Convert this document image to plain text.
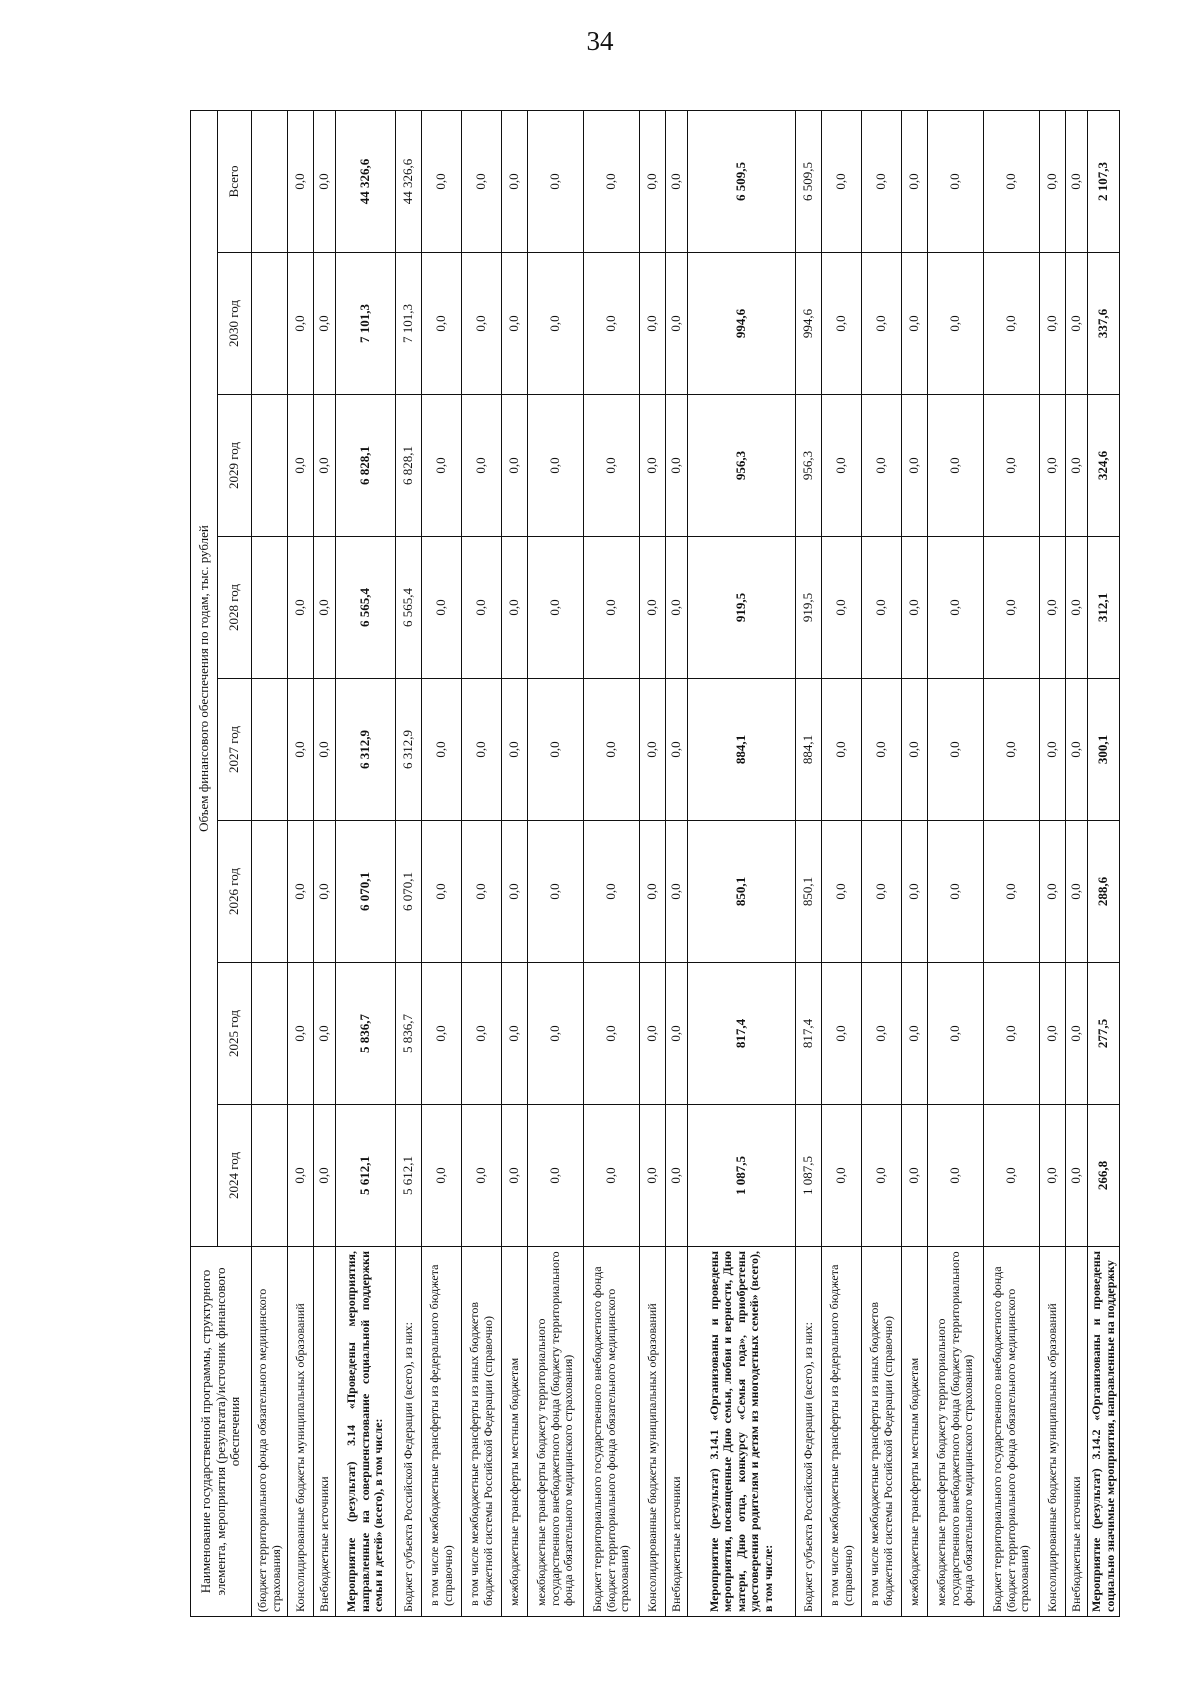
34
Наименование государственной программы, структурного элемента, мероприятия (результата)/источник финансового обеспечения	Объем финансового обеспечения по годам, тыс. рублей							
	2024 год	2025 год	2026 год	2027 год	2028 год	2029 год	2030 год	Всего
(бюджет территориального фонда обязательного медицинского страхования)								
Консолидированные бюджеты муниципальных образований	0,0	0,0	0,0	0,0	0,0	0,0	0,0	0,0
Внебюджетные источники	0,0	0,0	0,0	0,0	0,0	0,0	0,0	0,0
Мероприятие (результат) 3.14 «Проведены мероприятия, направленные на совершенствование социальной поддержки семьи и детей» (всего), в том числе:	5 612,1	5 836,7	6 070,1	6 312,9	6 565,4	6 828,1	7 101,3	44 326,6
Бюджет субъекта Российской Федерации (всего), из них:	5 612,1	5 836,7	6 070,1	6 312,9	6 565,4	6 828,1	7 101,3	44 326,6
в том числе межбюджетные трансферты из федерального бюджета (справочно)	0,0	0,0	0,0	0,0	0,0	0,0	0,0	0,0
в том числе межбюджетные трансферты из иных бюджетов бюджетной системы Российской Федерации (справочно)	0,0	0,0	0,0	0,0	0,0	0,0	0,0	0,0
межбюджетные трансферты местным бюджетам	0,0	0,0	0,0	0,0	0,0	0,0	0,0	0,0
межбюджетные трансферты бюджету территориального государственного внебюджетного фонда (бюджету территориального фонда обязательного медицинского страхования)	0,0	0,0	0,0	0,0	0,0	0,0	0,0	0,0
Бюджет территориального государственного внебюджетного фонда (бюджет территориального фонда обязательного медицинского страхования)	0,0	0,0	0,0	0,0	0,0	0,0	0,0	0,0
Консолидированные бюджеты муниципальных образований	0,0	0,0	0,0	0,0	0,0	0,0	0,0	0,0
Внебюджетные источники	0,0	0,0	0,0	0,0	0,0	0,0	0,0	0,0
Мероприятие (результат) 3.14.1 «Организованы и проведены мероприятия, посвященные Дню семьи, любви и верности, Дню матери, Дню отца, конкурсу «Семья года», приобретены удостоверения родителям и детям из многодетных семей» (всего), в том числе:	1 087,5	817,4	850,1	884,1	919,5	956,3	994,6	6 509,5
Бюджет субъекта Российской Федерации (всего), из них:	1 087,5	817,4	850,1	884,1	919,5	956,3	994,6	6 509,5
в том числе межбюджетные трансферты из федерального бюджета (справочно)	0,0	0,0	0,0	0,0	0,0	0,0	0,0	0,0
в том числе межбюджетные трансферты из иных бюджетов бюджетной системы Российской Федерации (справочно)	0,0	0,0	0,0	0,0	0,0	0,0	0,0	0,0
межбюджетные трансферты местным бюджетам	0,0	0,0	0,0	0,0	0,0	0,0	0,0	0,0
межбюджетные трансферты бюджету территориального государственного внебюджетного фонда (бюджету территориального фонда обязательного медицинского страхования)	0,0	0,0	0,0	0,0	0,0	0,0	0,0	0,0
Бюджет территориального государственного внебюджетного фонда (бюджет территориального фонда обязательного медицинского страхования)	0,0	0,0	0,0	0,0	0,0	0,0	0,0	0,0
Консолидированные бюджеты муниципальных образований	0,0	0,0	0,0	0,0	0,0	0,0	0,0	0,0
Внебюджетные источники	0,0	0,0	0,0	0,0	0,0	0,0	0,0	0,0
Мероприятие (результат) 3.14.2 «Организованы и проведены социально значимые мероприятия, направленные на поддержку	266,8	277,5	288,6	300,1	312,1	324,6	337,6	2 107,3
